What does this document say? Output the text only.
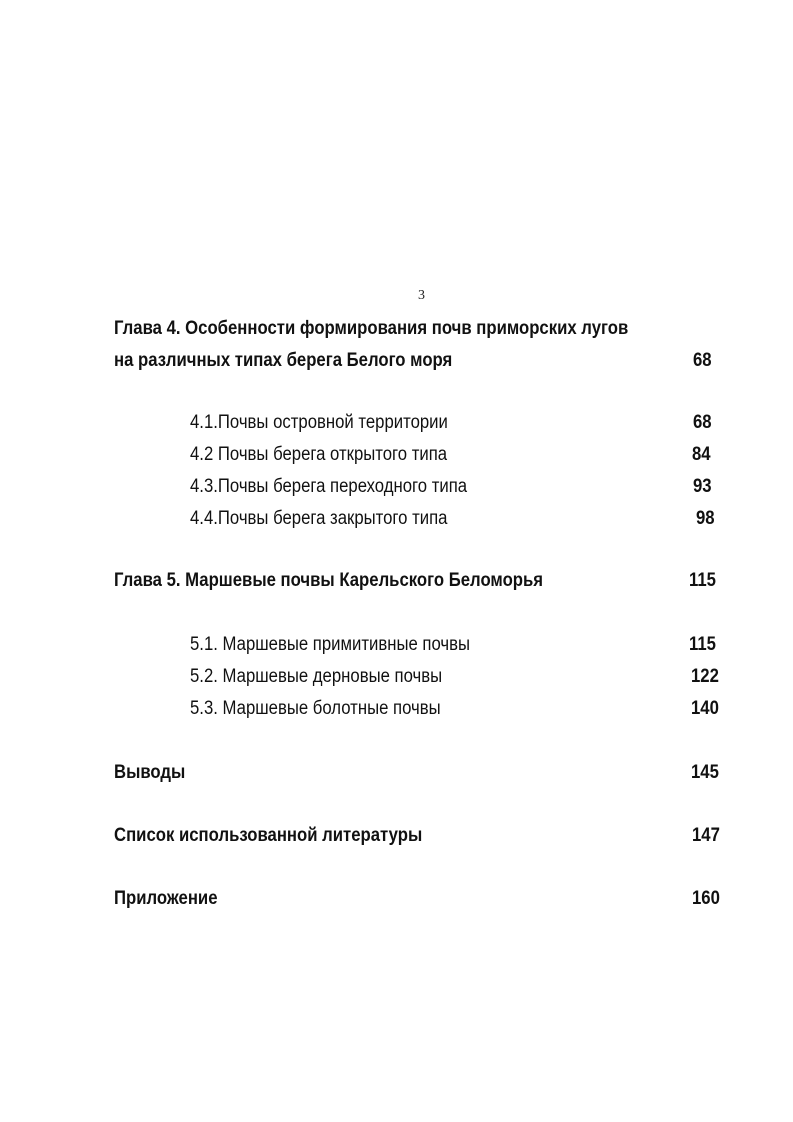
3
Глава 4. Особенности формирования почв приморских лугов
на различных типах берега Белого моря	68
4.1.Почвы островной территории	68
4.2 Почвы берега открытого типа	84
4.3.Почвы берега переходного типа	93
4.4.Почвы берега закрытого типа	98
Глава 5. Маршевые почвы Карельского Беломорья	115
5.1. Маршевые примитивные почвы	115
5.2. Маршевые дерновые почвы	122
5.3. Маршевые болотные почвы	140
Выводы	145
Список использованной литературы	147
Приложение	160
